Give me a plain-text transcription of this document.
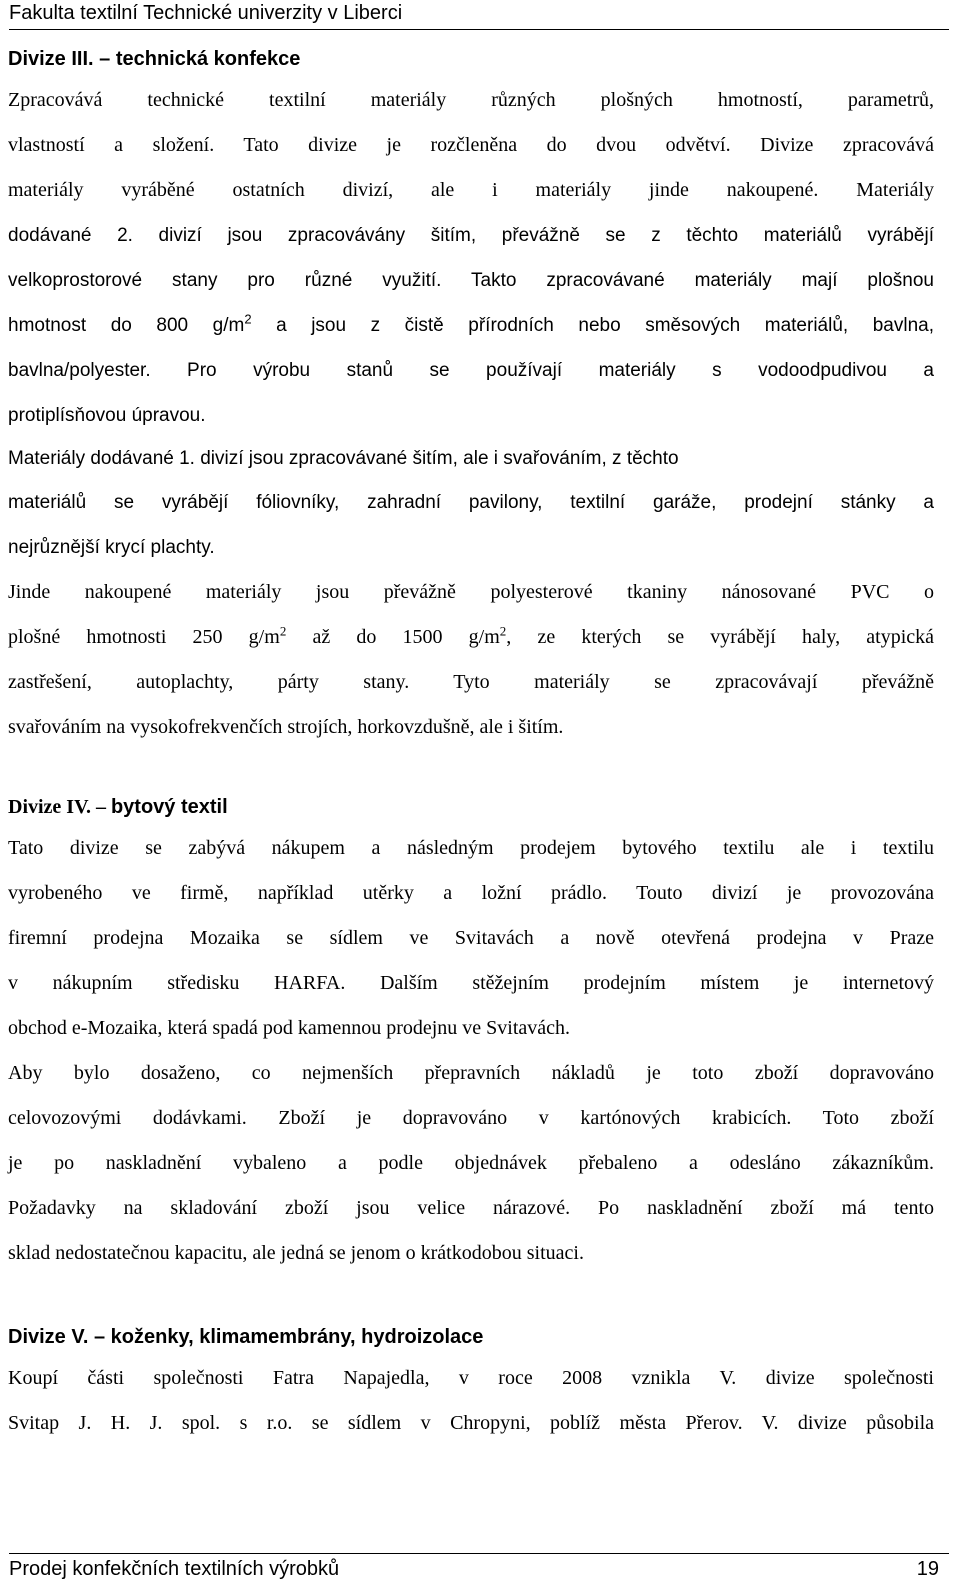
Fakulta textilní Technické univerzity v Liberci
Divize III. – technická konfekce
Zpracovává technické textilní materiály různých plošných hmotností, parametrů,
vlastností a složení. Tato divize je rozčleněna do dvou odvětví. Divize zpracovává
materiály vyráběné ostatních divizí, ale i materiály jinde nakoupené. Materiály
dodávané 2. divizí jsou zpracovávány šitím, převážně se z těchto materiálů vyrábějí
velkoprostorové stany pro různé využití. Takto zpracovávané materiály mají plošnou
hmotnost do 800 $g/m^2$ a jsou z čistě přírodních nebo směsových materiálů, bavlna,
bavlna/polyester. Pro výrobu stanů se používají materiály s vodoodpudivou a
protiplísňovou úpravou.
Materiály dodávané 1. divizí jsou zpracovávané šitím, ale i svařováním, z těchto
materiálů se vyrábějí fóliovníky, zahradní pavilony, textilní garáže, prodejní stánky a
nejrůznější krycí plachty.
Jinde nakoupené materiály jsou převážně polyesterové tkaniny nánosované PVC o
plošné hmotnosti 250 $g/m^2$ až do 1500 $g/m^2$, ze kterých se vyrábějí haly, atypická
zastřešení, autoplachty, párty stany. Tyto materiály se zpracovávají převážně
svařováním na vysokofrekvenčích strojích, horkovzdušně, ale i šitím.
Divize IV. – bytový textil
Tato divize se zabývá nákupem a následným prodejem bytového textilu ale i textilu
vyrobeného ve firmě, například utěrky a ložní prádlo. Touto divizí je provozována
firemní prodejna Mozaika se sídlem ve Svitavách a nově otevřená prodejna v Praze
v nákupním středisku HARFA. Dalším stěžejním prodejním místem je internetový
obchod e-Mozaika, která spadá pod kamennou prodejnu ve Svitavách.
Aby bylo dosaženo, co nejmenších přepravních nákladů je toto zboží dopravováno
celovozovými dodávkami. Zboží je dopravováno v kartónových krabicích. Toto zboží
je po naskladnění vybaleno a podle objednávek přebaleno a odesláno zákazníkům.
Požadavky na skladování zboží jsou velice nárazové. Po naskladnění zboží má tento
sklad nedostatečnou kapacitu, ale jedná se jenom o krátkodobou situaci.
Divize V. – koženky, klimamembrány, hydroizolace
Koupí části společnosti Fatra Napajedla, v roce 2008 vznikla V. divize společnosti
Svitap J. H. J. spol. s r.o. se sídlem v Chropyni, poblíž města Přerov. V. divize působila
Prodej konfekčních textilních výrobků	19
